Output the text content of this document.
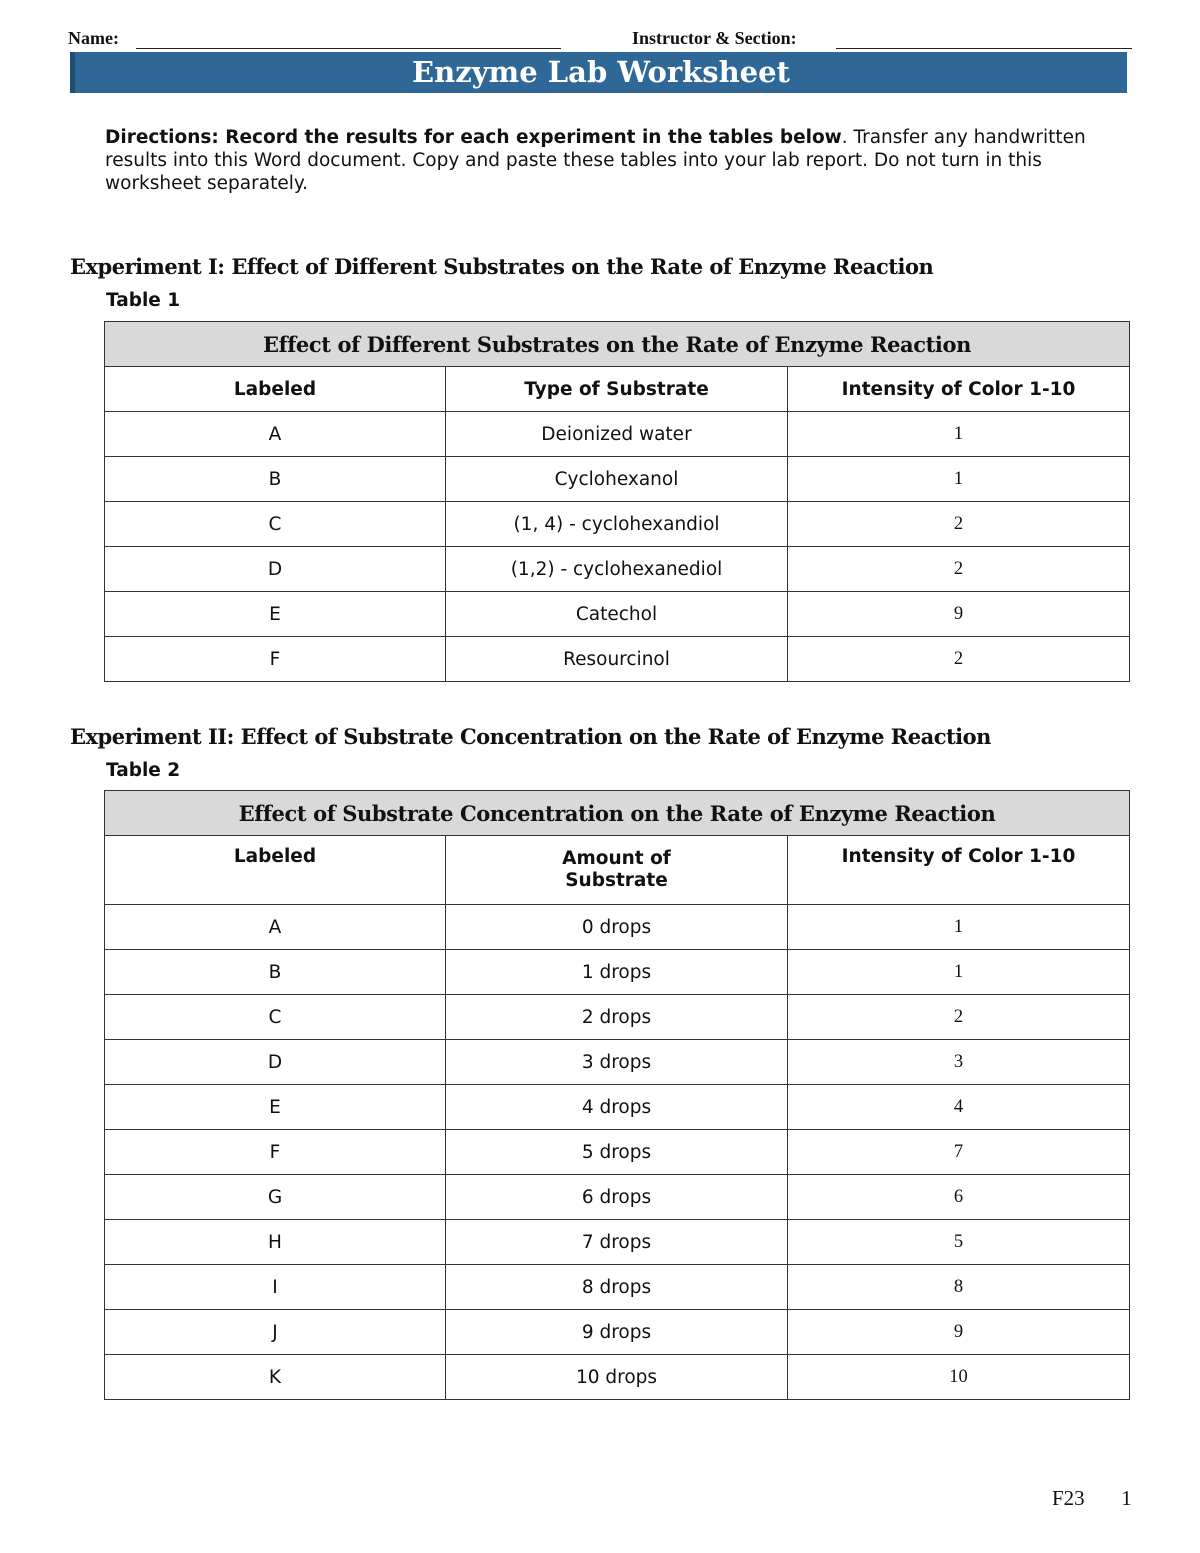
Name:	Instructor & Section:
Enzyme Lab Worksheet
Directions: Record the results for each experiment in the tables below. Transfer any handwritten results into this Word document. Copy and paste these tables into your lab report. Do not turn in this worksheet separately.
Experiment I: Effect of Different Substrates on the Rate of Enzyme Reaction
Table 1
Effect of Different Substrates on the Rate of Enzyme Reaction		
Labeled	Type of Substrate	Intensity of Color 1-10
A	Deionized water	1
B	Cyclohexanol	1
C	(1, 4) - cyclohexandiol	2
D	(1,2) - cyclohexanediol	2
E	Catechol	9
F	Resourcinol	2
Experiment II: Effect of Substrate Concentration on the Rate of Enzyme Reaction
Table 2
Effect of Substrate Concentration on the Rate of Enzyme Reaction		
Labeled	Amount of Substrate	Intensity of Color 1-10
A	0 drops	1
B	1 drops	1
C	2 drops	2
D	3 drops	3
E	4 drops	4
F	5 drops	7
G	6 drops	6
H	7 drops	5
I	8 drops	8
J	9 drops	9
K	10 drops	10
F23 1
